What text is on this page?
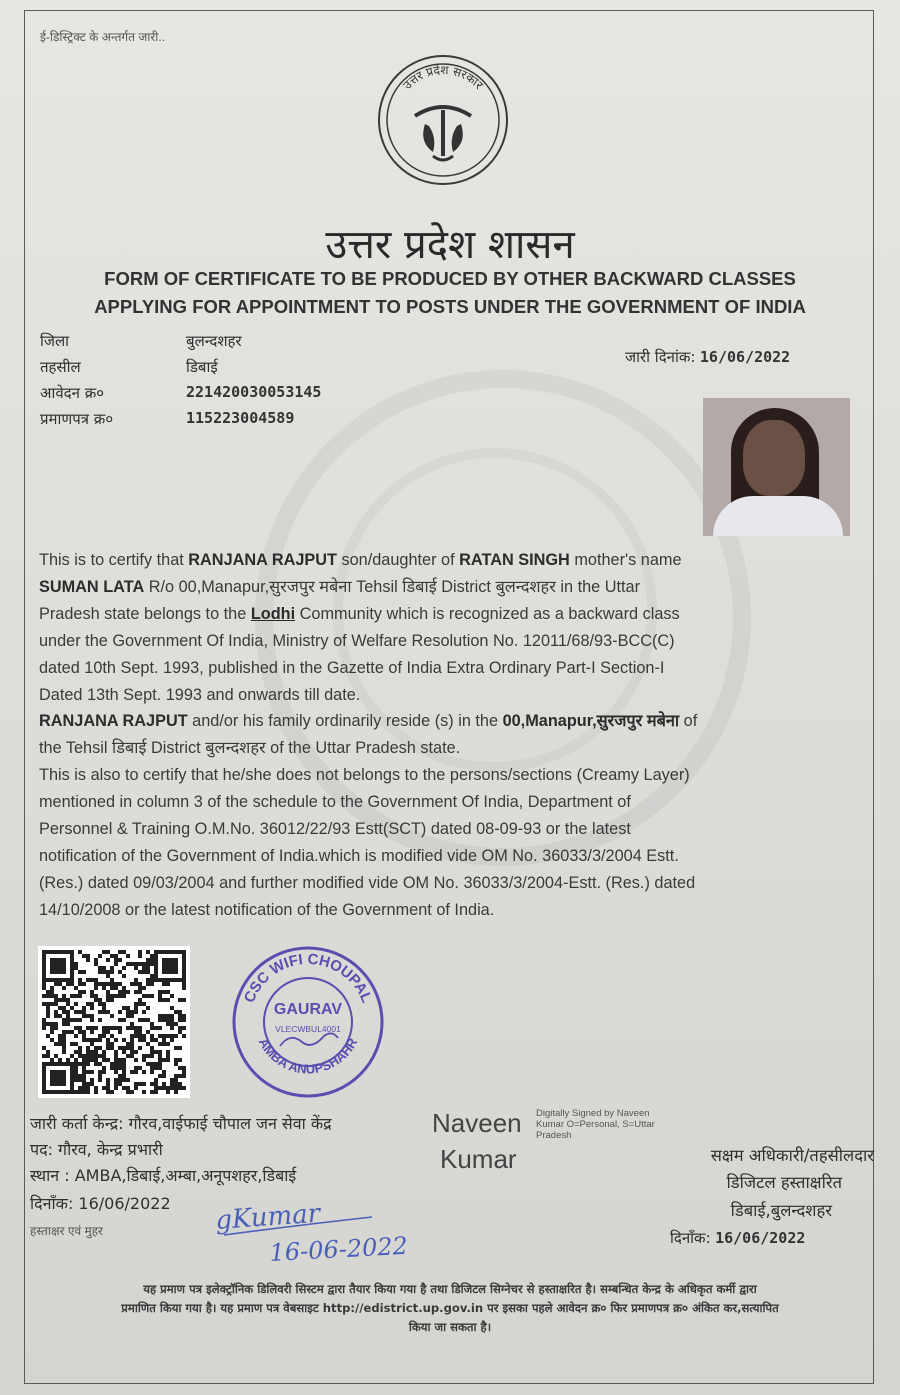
ई-डिस्ट्रिक्ट के अन्तर्गत जारी..
उत्तर प्रदेश सरकार
उत्तर प्रदेश शासन
FORM OF CERTIFICATE TO BE PRODUCED BY OTHER BACKWARD CLASSES
APPLYING FOR APPOINTMENT TO POSTS UNDER THE GOVERNMENT OF INDIA
जिला	बुलन्दशहर
तहसील	डिबाई
आवेदन क्र०	221420030053145
प्रमाणपत्र क्र०	115223004589
जारी दिनांक: 16/06/2022
This is to certify that RANJANA RAJPUT son/daughter of RATAN SINGH mother's name
SUMAN LATA R/o 00,Manapur,सुरजपुर मबेना Tehsil डिबाई District बुलन्दशहर in the Uttar
Pradesh state belongs to the Lodhi Community which is recognized as a backward class
under the Government Of India, Ministry of Welfare Resolution No. 12011/68/93-BCC(C)
dated 10th Sept. 1993, published in the Gazette of India Extra Ordinary Part-I Section-I
Dated 13th Sept. 1993 and onwards till date.
RANJANA RAJPUT and/or his family ordinarily reside (s) in the 00,Manapur,सुरजपुर मबेना of
the Tehsil डिबाई District बुलन्दशहर of the Uttar Pradesh state.
This is also to certify that he/she does not belongs to the persons/sections (Creamy Layer)
mentioned in column 3 of the schedule to the Government Of India, Department of
Personnel & Training O.M.No. 36012/22/93 Estt(SCT) dated 08-09-93 or the latest
notification of the Government of India.which is modified vide OM No. 36033/3/2004 Estt.
(Res.) dated 09/03/2004 and further modified vide OM No. 36033/3/2004-Estt. (Res.) dated
14/10/2008 or the latest notification of the Government of India.
CSC WIFI CHOUPAL
AMBA ANUPSHAHR
GAURAV
VLECWBUL4001
जारी कर्ता केन्द्र: गौरव,वाईफाई चौपाल जन सेवा केंद्र
पद: गौरव, केन्द्र प्रभारी
स्थान : AMBA,डिबाई,अम्बा,अनूपशहर,डिबाई
दिनाँक: 16/06/2022
हस्ताक्षर एवं मुहर
Naveen
Kumar
Digitally Signed by Naveen Kumar O=Personal, S=Uttar Pradesh
सक्षम अधिकारी/तहसीलदार
डिजिटल हस्ताक्षरित
डिबाई,बुलन्दशहर
दिनाँक: 16/06/2022
gKumar
16-06-2022
यह प्रमाण पत्र इलेक्ट्रॉनिक डिलिवरी सिस्टम द्वारा तैयार किया गया है तथा डिजिटल सिग्नेचर से हस्ताक्षरित है। सम्बन्धित केन्द्र के अधिकृत कर्मी द्वारा
प्रमाणित किया गया है। यह प्रमाण पत्र वेबसाइट http://edistrict.up.gov.in पर इसका पहले आवेदन क्र० फिर प्रमाणपत्र क्र० अंकित कर,सत्यापित
किया जा सकता है।
